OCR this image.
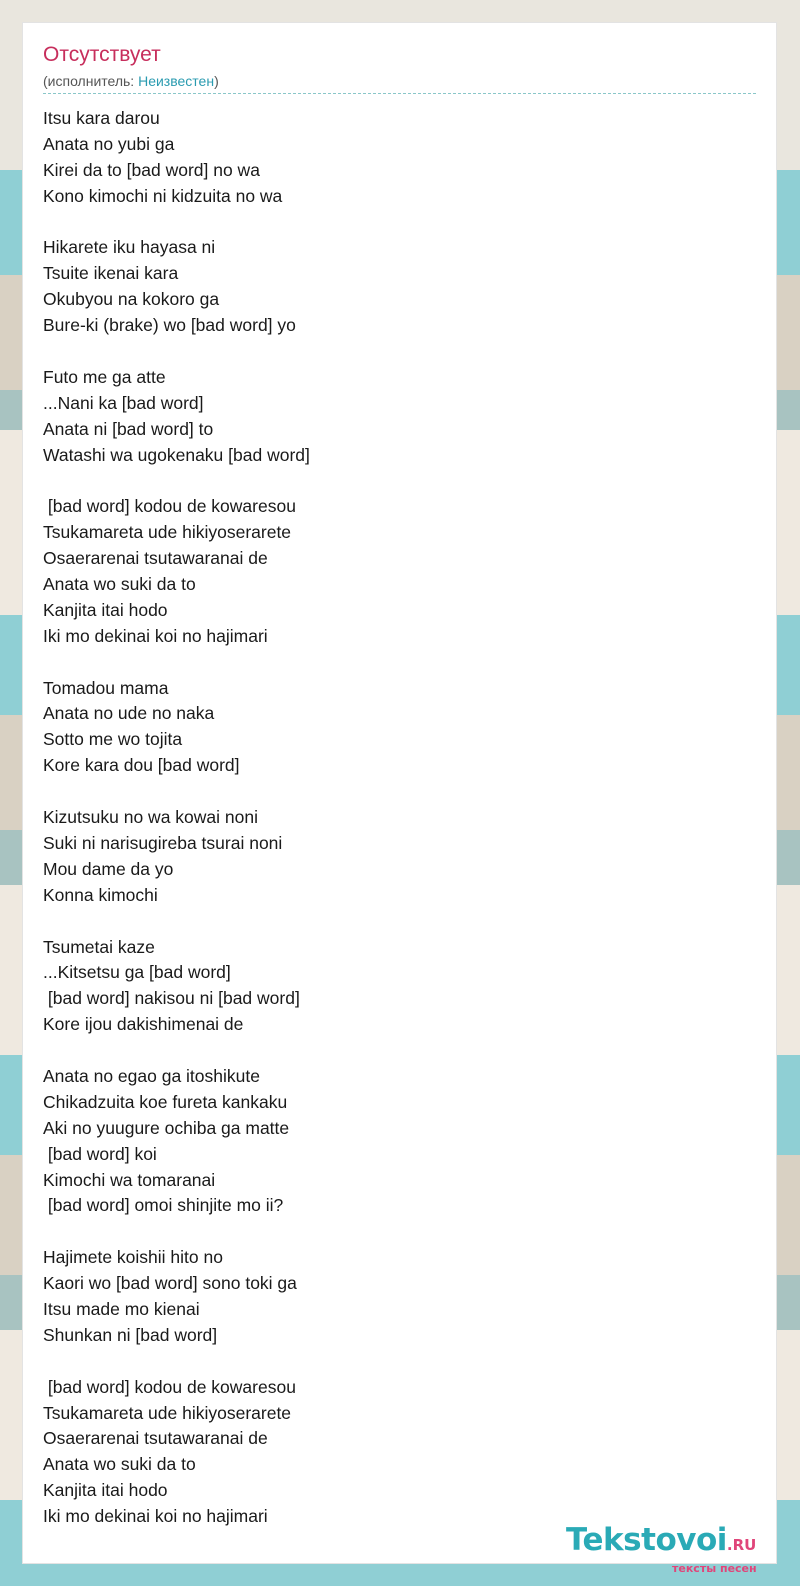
Отсутствует
(исполнитель: Неизвестен)
Itsu kara darou
Anata no yubi ga
Kirei da to [bad word] no wa
Kono kimochi ni kidzuita no wa
Hikarete iku hayasa ni
Tsuite ikenai kara
Okubyou na kokoro ga
Bure-ki (brake) wo [bad word] yo
Futo me ga atte
...Nani ka [bad word]
Anata ni [bad word] to
Watashi wa ugokenaku [bad word]
[bad word] kodou de kowaresou
Tsukamareta ude hikiyoserarete
Osaerarenai tsutawaranai de
Anata wo suki da to
Kanjita itai hodo
Iki mo dekinai koi no hajimari
Tomadou mama
Anata no ude no naka
Sotto me wo tojita
Kore kara dou [bad word]
Kizutsuku no wa kowai noni
Suki ni narisugireba tsurai noni
Mou dame da yo
Konna kimochi
Tsumetai kaze
...Kitsetsu ga [bad word]
[bad word] nakisou ni [bad word]
Kore ijou dakishimenai de
Anata no egao ga itoshikute
Chikadzuita koe fureta kankaku
Aki no yuugure ochiba ga matte
[bad word] koi
Kimochi wa tomaranai
[bad word] omoi shinjite mo ii?
Hajimete koishii hito no
Kaori wo [bad word] sono toki ga
Itsu made mo kienai
Shunkan ni [bad word]
[bad word] kodou de kowaresou
Tsukamareta ude hikiyoserarete
Osaerarenai tsutawaranai de
Anata wo suki da to
Kanjita itai hodo
Iki mo dekinai koi no hajimari
Tekstovoi.RU
тексты песен
